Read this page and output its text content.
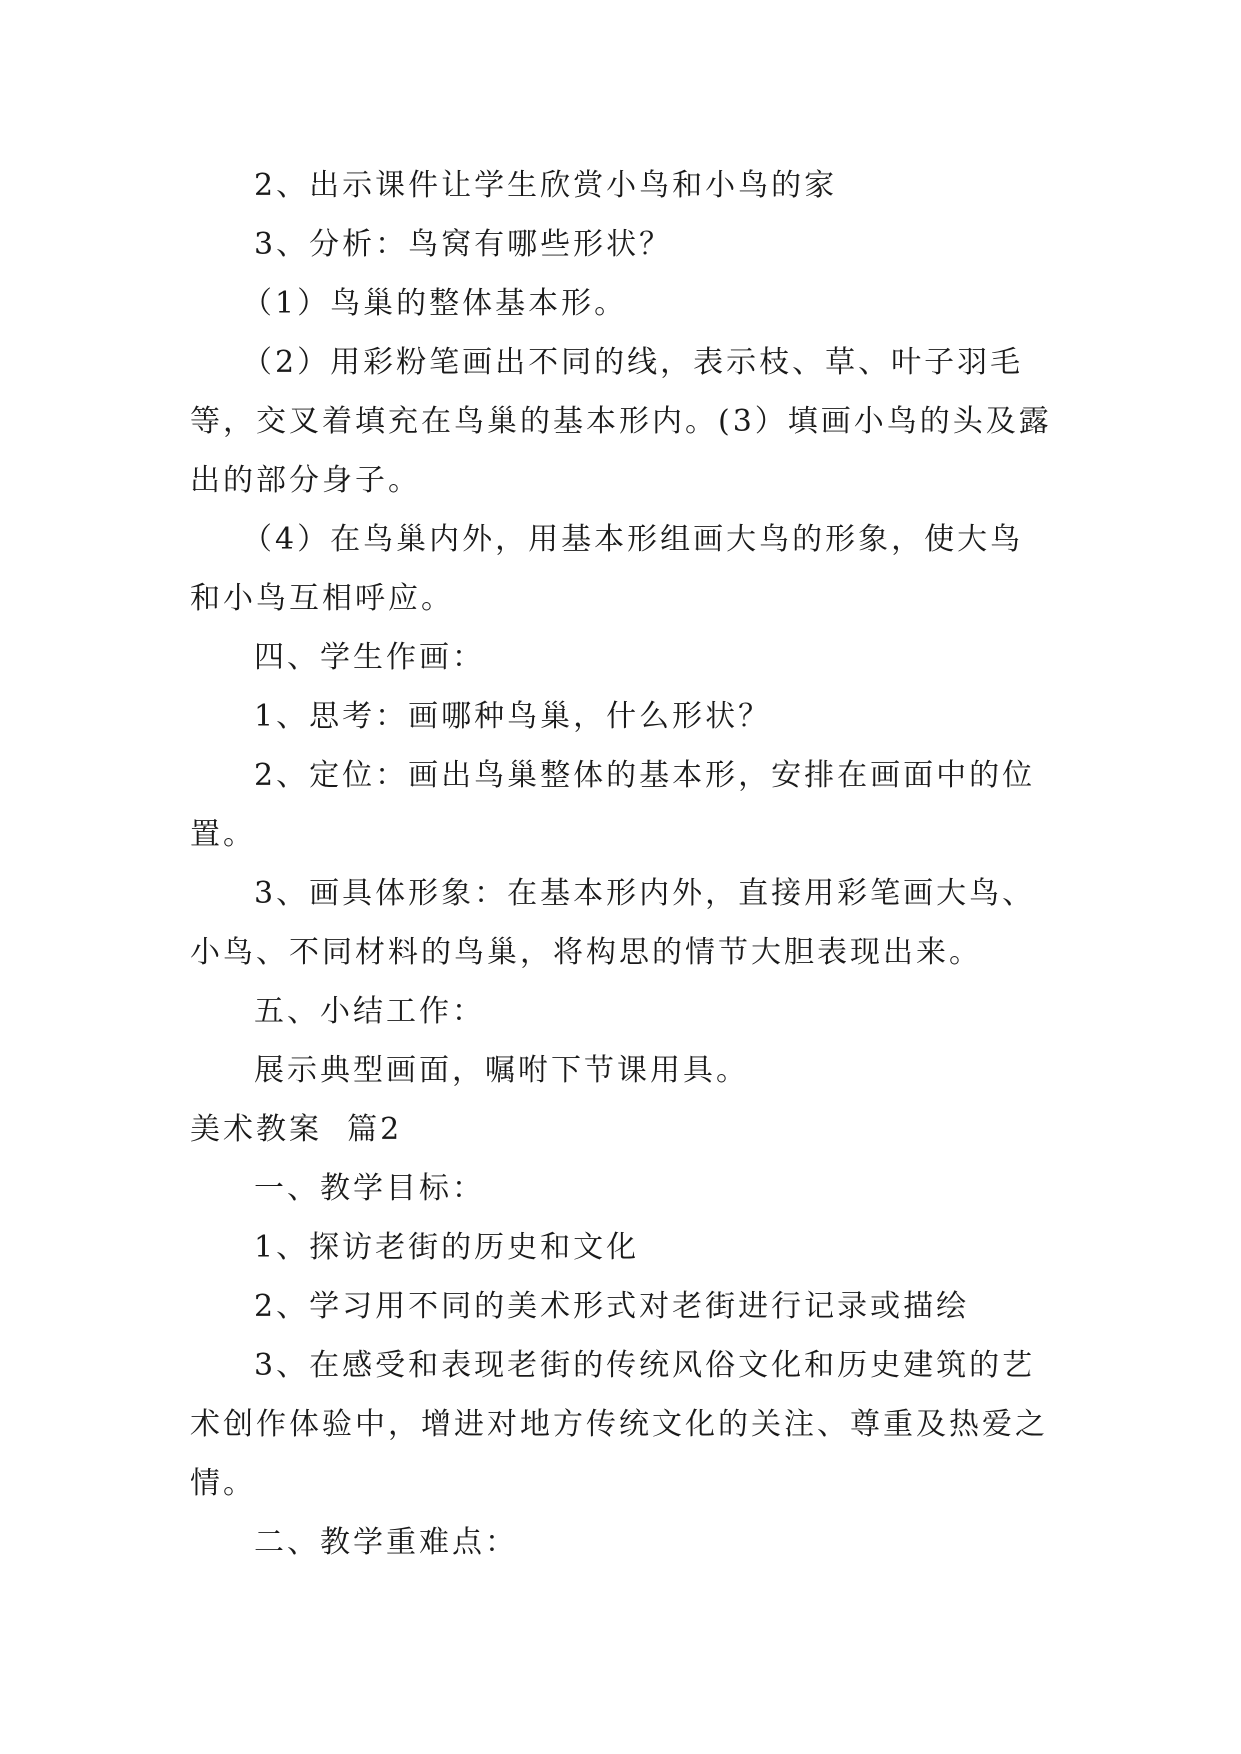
2、出示课件让学生欣赏小鸟和小鸟的家

3、分析：鸟窝有哪些形状？

（1）鸟巢的整体基本形。

（2）用彩粉笔画出不同的线，表示枝、草、叶子羽毛
等，交叉着填充在鸟巢的基本形内。(3）填画小鸟的头及露
出的部分身子。

（4）在鸟巢内外，用基本形组画大鸟的形象，使大鸟
和小鸟互相呼应。

四、学生作画：

1、思考：画哪种鸟巢，什么形状？

2、定位：画出鸟巢整体的基本形，安排在画面中的位
置。

3、画具体形象：在基本形内外，直接用彩笔画大鸟、
小鸟、不同材料的鸟巢，将构思的情节大胆表现出来。

五、小结工作：

展示典型画面，嘱咐下节课用具。

美术教案  篇2

一、教学目标：

1、探访老街的历史和文化

2、学习用不同的美术形式对老街进行记录或描绘

3、在感受和表现老街的传统风俗文化和历史建筑的艺
术创作体验中，增进对地方传统文化的关注、尊重及热爱之
情。

二、教学重难点：
